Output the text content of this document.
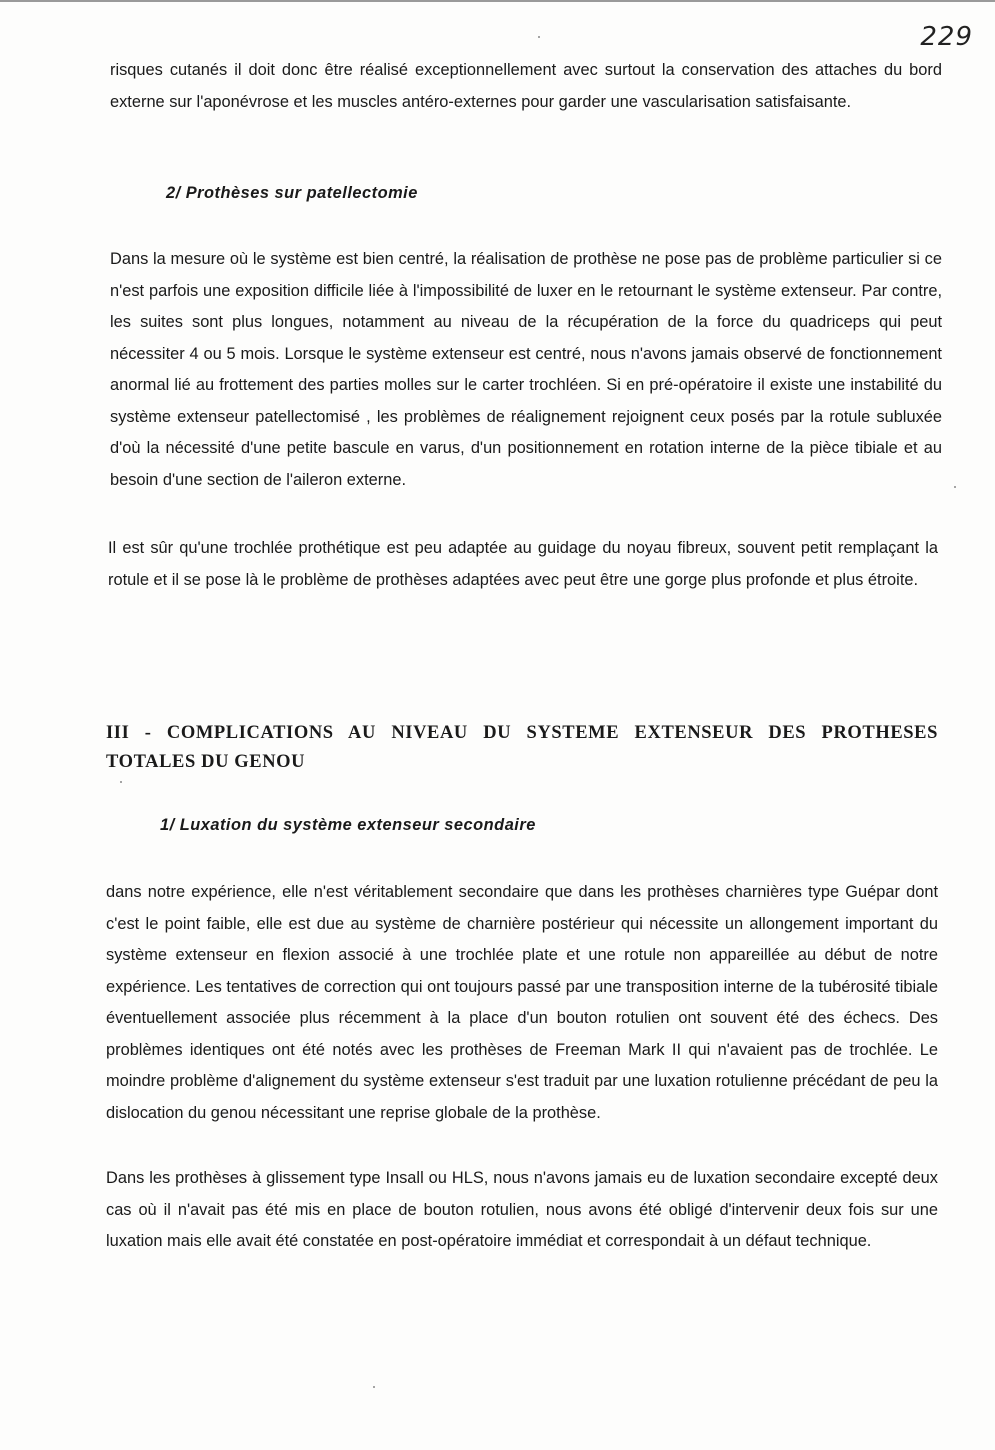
229

risques cutanés il doit donc être réalisé exceptionnellement avec surtout la conservation des attaches du bord externe sur l'aponévrose et les muscles antéro-externes pour garder une vascularisation satisfaisante.

2/ Prothèses sur patellectomie

Dans la mesure où le système est bien centré, la réalisation de prothèse ne pose pas de problème particulier si ce n'est parfois une exposition difficile liée à l'impossibilité de luxer en le retournant le système extenseur. Par contre, les suites sont plus longues, notamment au niveau de la récupération de la force du quadriceps qui peut nécessiter 4 ou 5 mois. Lorsque le système extenseur est centré, nous n'avons jamais observé de fonctionnement anormal lié au frottement des parties molles sur le carter trochléen. Si en pré-opératoire il existe une instabilité du système extenseur patellectomisé , les problèmes de réalignement rejoignent ceux posés par la rotule subluxée d'où la nécessité d'une petite bascule en varus, d'un positionnement en rotation interne de la pièce tibiale et au besoin d'une section de l'aileron externe.

Il est sûr qu'une trochlée prothétique est peu adaptée au guidage du noyau fibreux, souvent petit remplaçant la rotule et il se pose là le problème de prothèses adaptées avec peut être une gorge plus profonde et plus étroite.

III - COMPLICATIONS AU NIVEAU DU SYSTEME EXTENSEUR DES PROTHESES TOTALES DU GENOU
1/ Luxation du système extenseur secondaire

dans notre expérience, elle n'est véritablement secondaire que dans les prothèses charnières type Guépar dont c'est le point faible, elle est due au système de charnière postérieur qui nécessite un allongement important du système extenseur en flexion associé à une trochlée plate et une rotule non appareillée au début de notre expérience. Les tentatives de correction qui ont toujours passé par une transposition interne de la tubérosité tibiale éventuellement associée plus récemment à la place d'un bouton rotulien ont souvent été des échecs. Des problèmes identiques ont été notés avec les prothèses de Freeman Mark II qui n'avaient pas de trochlée. Le moindre problème d'alignement du système extenseur s'est traduit par une luxation rotulienne précédant de peu la dislocation du genou nécessitant une reprise globale de la prothèse.

Dans les prothèses à glissement type Insall ou HLS, nous n'avons jamais eu de luxation secondaire excepté deux cas où il n'avait pas été mis en place de bouton rotulien, nous avons été obligé d'intervenir deux fois sur une luxation mais elle avait été constatée en post-opératoire immédiat et correspondait à un défaut technique.
